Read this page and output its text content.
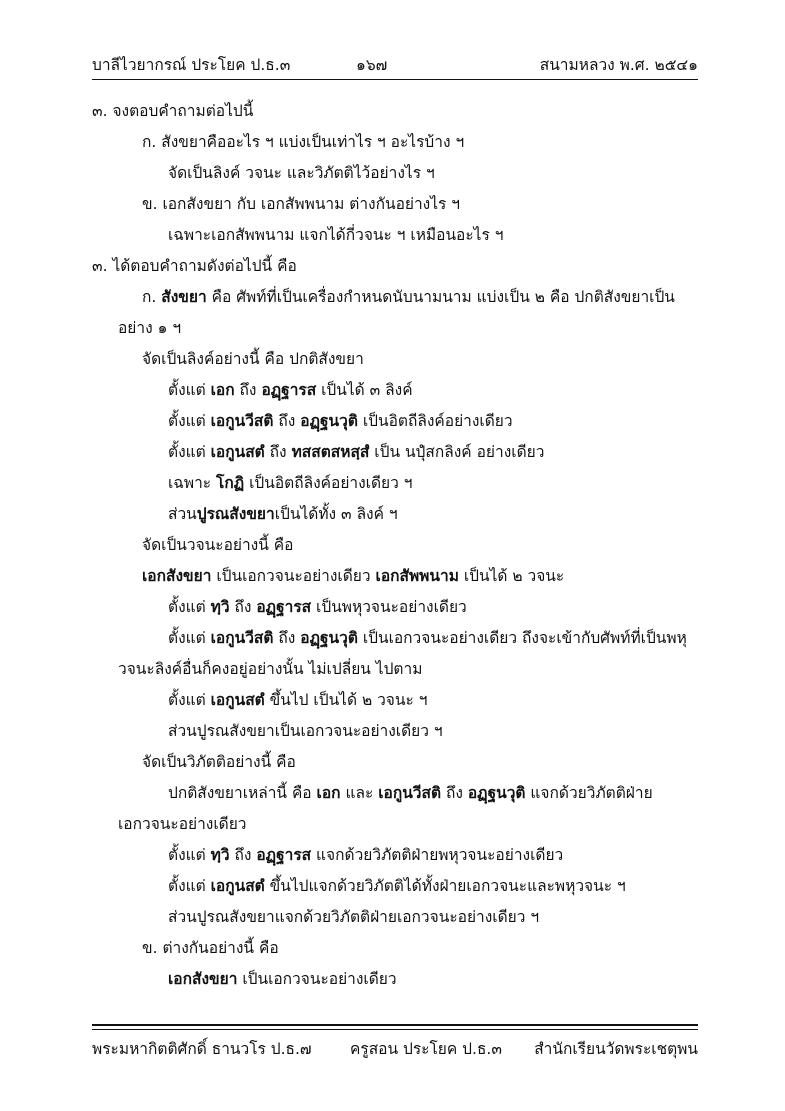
บาลีไวยากรณ์ ประโยค ป.ธ.๓	๑๖๗	สนามหลวง พ.ศ. ๒๕๔๑
๓. จงตอบคำถามต่อไปนี้
ก. สังขยาคืออะไร ฯ แบ่งเป็นเท่าไร ฯ อะไรบ้าง ฯ
จัดเป็นลิงค์ วจนะ และวิภัตติไว้อย่างไร ฯ
ข. เอกสังขยา กับ เอกสัพพนาม ต่างกันอย่างไร ฯ
เฉพาะเอกสัพพนาม แจกได้กี่วจนะ ฯ เหมือนอะไร ฯ
๓. ได้ตอบคำถามดังต่อไปนี้ คือ
ก. สังขยา คือ ศัพท์ที่เป็นเครื่องกำหนดนับนามนาม แบ่งเป็น ๒ คือ ปกติสังขยาเป็น
อย่าง ๑ ฯ
จัดเป็นลิงค์อย่างนี้ คือ ปกติสังขยา
ตั้งแต่ เอก ถึง อฏฺฐารส เป็นได้ ๓ ลิงค์
ตั้งแต่ เอกูนวีสติ ถึง อฏฺฐนวุติ เป็นอิตถีลิงค์อย่างเดียว
ตั้งแต่ เอกูนสตํ ถึง ทสสตสหสฺสํ เป็น นปุํสกลิงค์ อย่างเดียว
เฉพาะ โกฏิ เป็นอิตถีลิงค์อย่างเดียว ฯ
ส่วนปูรณสังขยาเป็นได้ทั้ง ๓ ลิงค์ ฯ
จัดเป็นวจนะอย่างนี้ คือ
เอกสังขยา เป็นเอกวจนะอย่างเดียว เอกสัพพนาม เป็นได้ ๒ วจนะ
ตั้งแต่ ทฺวิ ถึง อฏฺฐารส เป็นพหุวจนะอย่างเดียว
ตั้งแต่ เอกูนวีสติ ถึง อฏฺฐนวุติ เป็นเอกวจนะอย่างเดียว ถึงจะเข้ากับศัพท์ที่เป็นพหุ
วจนะลิงค์อื่นก็คงอยู่อย่างนั้น ไม่เปลี่ยน ไปตาม
ตั้งแต่ เอกูนสตํ ขึ้นไป เป็นได้ ๒ วจนะ ฯ
ส่วนปูรณสังขยาเป็นเอกวจนะอย่างเดียว ฯ
จัดเป็นวิภัตติอย่างนี้ คือ
ปกติสังขยาเหล่านี้ คือ เอก และ เอกูนวีสติ ถึง อฏฺฐนวุติ แจกด้วยวิภัตติฝ่าย
เอกวจนะอย่างเดียว
ตั้งแต่ ทฺวิ ถึง อฏฺฐารส แจกด้วยวิภัตติฝ่ายพหุวจนะอย่างเดียว
ตั้งแต่ เอกูนสตํ ขึ้นไปแจกด้วยวิภัตติได้ทั้งฝ่ายเอกวจนะและพหุวจนะ ฯ
ส่วนปูรณสังขยาแจกด้วยวิภัตติฝ่ายเอกวจนะอย่างเดียว ฯ
ข. ต่างกันอย่างนี้ คือ
เอกสังขยา เป็นเอกวจนะอย่างเดียว
พระมหากิตติศักดิ์ ธานวโร ป.ธ.๗ ครูสอน ประโยค ป.ธ.๓ สำนักเรียนวัดพระเชตุพน
